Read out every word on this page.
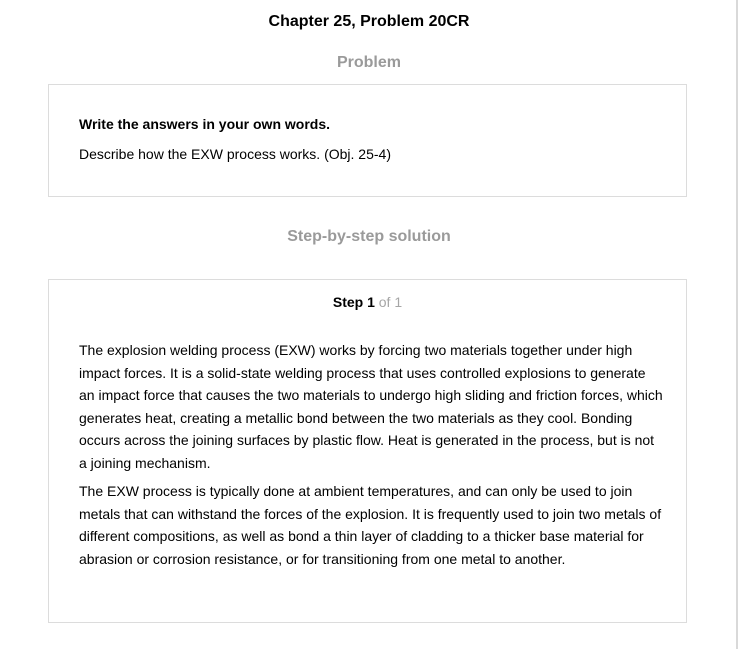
Chapter 25, Problem 20CR
Problem
Write the answers in your own words.
Describe how the EXW process works. (Obj. 25-4)
Step-by-step solution
Step 1 of 1

The explosion welding process (EXW) works by forcing two materials together under high impact forces. It is a solid-state welding process that uses controlled explosions to generate an impact force that causes the two materials to undergo high sliding and friction forces, which generates heat, creating a metallic bond between the two materials as they cool. Bonding occurs across the joining surfaces by plastic flow. Heat is generated in the process, but is not a joining mechanism.

The EXW process is typically done at ambient temperatures, and can only be used to join metals that can withstand the forces of the explosion. It is frequently used to join two metals of different compositions, as well as bond a thin layer of cladding to a thicker base material for abrasion or corrosion resistance, or for transitioning from one metal to another.
